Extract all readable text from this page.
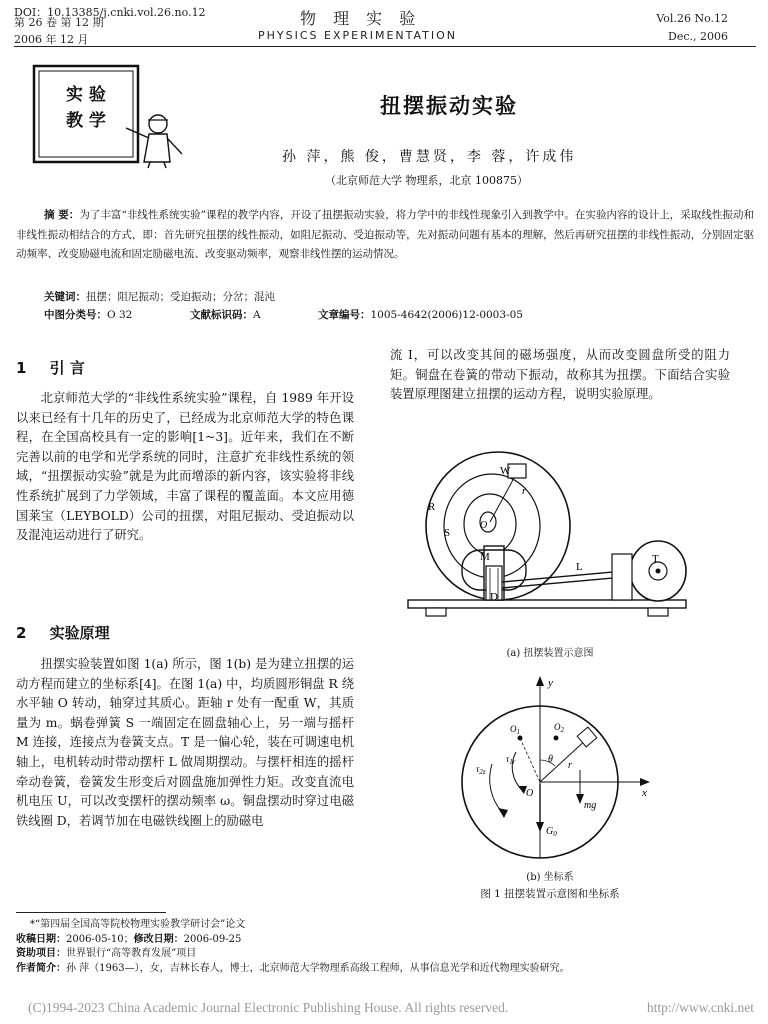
DOI：10.13385/j.cnki.vol.26.no.12
第 26 卷 第 12 期
2006 年 12 月
物 理 实 验
PHYSICS EXPERIMENTATION
Vol.26 No.12
Dec., 2006
实 验
教 学
扭摆振动实验
孙 萍，熊 俊，曹慧贤，李 蓉，许成伟
（北京师范大学 物理系，北京 100875）
摘 要：为了丰富“非线性系统实验”课程的教学内容，开设了扭摆振动实验，将力学中的非线性现象引入到教学中。在实验内容的设计上，采取线性振动和非线性振动相结合的方式，即：首先研究扭摆的线性振动，如阻尼振动、受迫振动等，先对振动问题有基本的理解，然后再研究扭摆的非线性振动，分别固定驱动频率、改变励磁电流和固定励磁电流、改变驱动频率，观察非线性摆的运动情况。
关键词：扭摆；阻尼振动；受迫振动；分岔；混沌
中图分类号：O 32	文献标识码：A	文章编号：1005-4642(2006)12-0003-05
1 引 言

北京师范大学的“非线性系统实验”课程，自 1989 年开设以来已经有十几年的历史了，已经成为北京师范大学的特色课程，在全国高校具有一定的影响[1~3]。近年来，我们在不断完善以前的电学和光学系统的同时，注意扩充非线性系统的领域，“扭摆振动实验”就是为此而增添的新内容，该实验将非线性系统扩展到了力学领域，丰富了课程的覆盖面。本文应用德国莱宝（LEYBOLD）公司的扭摆，对阻尼振动、受迫振动以及混沌运动进行了研究。

2 实验原理

扭摆实验装置如图 1(a) 所示，图 1(b) 是为建立扭摆的运动方程而建立的坐标系[4]。在图 1(a) 中，均质圆形铜盘 R 绕水平轴 O 转动，轴穿过其质心。距轴 r 处有一配重 W，其质量为 m。蜗卷弹簧 S 一端固定在圆盘轴心上，另一端与摇杆 M 连接，连接点为卷簧支点。T 是一偏心轮，装在可调速电机轴上，电机转动时带动摆杆 L 做周期摆动。与摆杆相连的摇杆牵动卷簧，卷簧发生形变后对圆盘施加弹性力矩。改变直流电机电压 U，可以改变摆杆的摆动频率 ω。铜盘摆动时穿过电磁铁线圈 D，若调节加在电磁铁线圈上的励磁电

流 I，可以改变其间的磁场强度，从而改变圆盘所受的阻力矩。铜盘在卷簧的带动下振动，故称其为扭摆。下面结合实验装置原理图建立扭摆的运动方程，说明实验原理。

W
r
R
S
O
M
D
L
T
(a) 扭摆装置示意图
y
x
O
$O_1$	$O_2$
θ
r
$\tau_{2z}$
$\tau_{1r}$
mg
$G_0$
(b) 坐标系
图 1 扭摆装置示意图和坐标系
*“第四届全国高等院校物理实验教学研讨会”论文
收稿日期：2006-05-10；修改日期：2006-09-25
资助项目：世界银行“高等教育发展”项目
作者简介：孙 萍（1963—），女，吉林长春人，博士，北京师范大学物理系高级工程师，从事信息光学和近代物理实验研究。
(C)1994-2023 China Academic Journal Electronic Publishing House. All rights reserved.	http://www.cnki.net
